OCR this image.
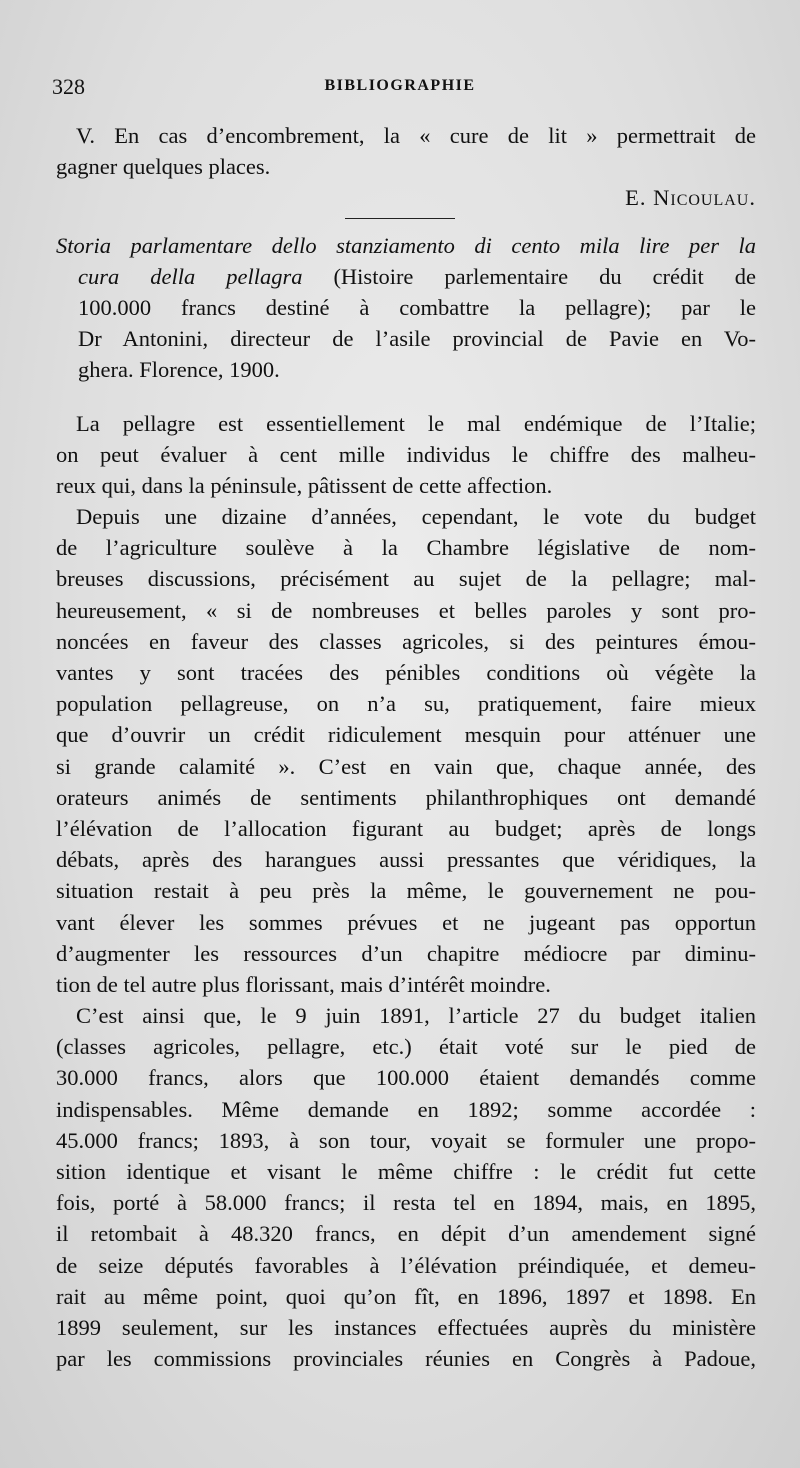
328	BIBLIOGRAPHIE
V. En cas d’encombrement, la « cure de lit » permettrait de
gagner quelques places.
E. Nicoulau.
Storia parlamentare dello stanziamento di cento mila lire per la
cura della pellagra (Histoire parlementaire du crédit de
100.000 francs destiné à combattre la pellagre); par le
Dr Antonini, directeur de l’asile provincial de Pavie en Vo-
ghera. Florence, 1900.
La pellagre est essentiellement le mal endémique de l’Italie;
on peut évaluer à cent mille individus le chiffre des malheu-
reux qui, dans la péninsule, pâtissent de cette affection.
Depuis une dizaine d’années, cependant, le vote du budget
de l’agriculture soulève à la Chambre législative de nom-
breuses discussions, précisément au sujet de la pellagre; mal-
heureusement, « si de nombreuses et belles paroles y sont pro-
noncées en faveur des classes agricoles, si des peintures émou-
vantes y sont tracées des pénibles conditions où végète la
population pellagreuse, on n’a su, pratiquement, faire mieux
que d’ouvrir un crédit ridiculement mesquin pour atténuer une
si grande calamité ». C’est en vain que, chaque année, des
orateurs animés de sentiments philanthrophiques ont demandé
l’élévation de l’allocation figurant au budget; après de longs
débats, après des harangues aussi pressantes que véridiques, la
situation restait à peu près la même, le gouvernement ne pou-
vant élever les sommes prévues et ne jugeant pas opportun
d’augmenter les ressources d’un chapitre médiocre par diminu-
tion de tel autre plus florissant, mais d’intérêt moindre.
C’est ainsi que, le 9 juin 1891, l’article 27 du budget italien
(classes agricoles, pellagre, etc.) était voté sur le pied de
30.000 francs, alors que 100.000 étaient demandés comme
indispensables. Même demande en 1892; somme accordée :
45.000 francs; 1893, à son tour, voyait se formuler une propo-
sition identique et visant le même chiffre : le crédit fut cette
fois, porté à 58.000 francs; il resta tel en 1894, mais, en 1895,
il retombait à 48.320 francs, en dépit d’un amendement signé
de seize députés favorables à l’élévation préindiquée, et demeu-
rait au même point, quoi qu’on fît, en 1896, 1897 et 1898. En
1899 seulement, sur les instances effectuées auprès du ministère
par les commissions provinciales réunies en Congrès à Padoue,
